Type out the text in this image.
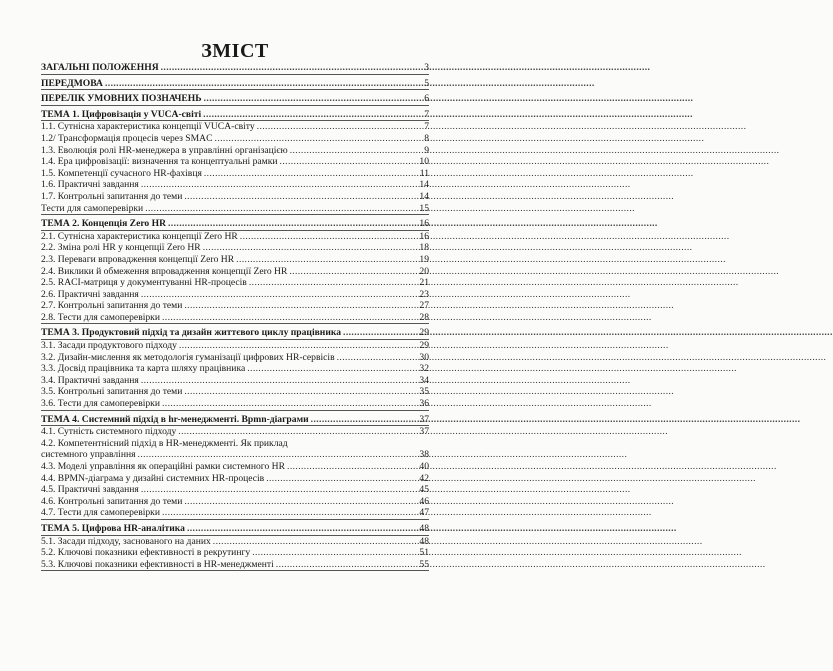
ЗМІСТ
ЗАГАЛЬНІ ПОЛОЖЕННЯ .....	3
ПЕРЕДМОВА .....	5
ПЕРЕЛІК УМОВНИХ ПОЗНАЧЕНЬ .....	6
ТЕМА 1. Цифровізація у VUCA-світі .....	7
1.1. Сутнісна характеристика концепції VUCA-світу .....	7
1.2/ Трансформація процесів через SMAC .....	8
1.3. Еволюція ролі HR-менеджера в управлінні організацією .....	9
1.4. Ера цифровізації: визначення та концептуальні рамки .....	10
1.5. Компетенції сучасного HR-фахівця .....	11
1.6. Практичні завдання .....	14
1.7. Контрольні запитання до теми .....	14
Тести для самоперевірки .....	15
ТЕМА 2. Концепція Zero HR .....	16
2.1. Сутнісна характеристика концепції Zero HR .....	16
2.2. Зміна ролі HR у концепції Zero HR .....	18
2.3. Переваги впровадження концепції Zero HR .....	19
2.4. Виклики й обмеження впровадження концепції Zero HR .....	20
2.5. RACI-матриця у документуванні HR-процесів .....	21
2.6. Практичні завдання .....	23
2.7. Контрольні запитання до теми .....	27
2.8. Тести для самоперевірки .....	28
ТЕМА 3. Продуктовий підхід та дизайн життєвого циклу працівника .....	29
3.1. Засади продуктового підходу .....	29
3.2. Дизайн-мислення як методологія гуманізації цифрових HR-сервісів .....	30
3.3. Досвід працівника та карта шляху працівника .....	32
3.4. Практичні завдання .....	34
3.5. Контрольні запитання до теми .....	35
3.6. Тести для самоперевірки .....	36
ТЕМА 4. Системний підхід в hr-менеджменті. Bpmn-діаграми .....	37
4.1. Сутність системного підходу .....	37
4.2. Компетентнісний підхід в HR-менеджменті. Як приклад
системного управління .....	38
4.3. Моделі управління як операційні рамки системного HR .....	40
4.4. BPMN-діаграма у дизайні системних HR-процесів .....	42
4.5. Практичні завдання .....	45
4.6. Контрольні запитання до теми .....	46
4.7. Тести для самоперевірки .....	47
ТЕМА 5. Цифрова HR-аналітика .....	48
5.1. Засади підходу, заснованого на даних .....	48
5.2. Ключові показники ефективності в рекрутингу .....	51
5.3. Ключові показники ефективності в HR-менеджменті .....	55
